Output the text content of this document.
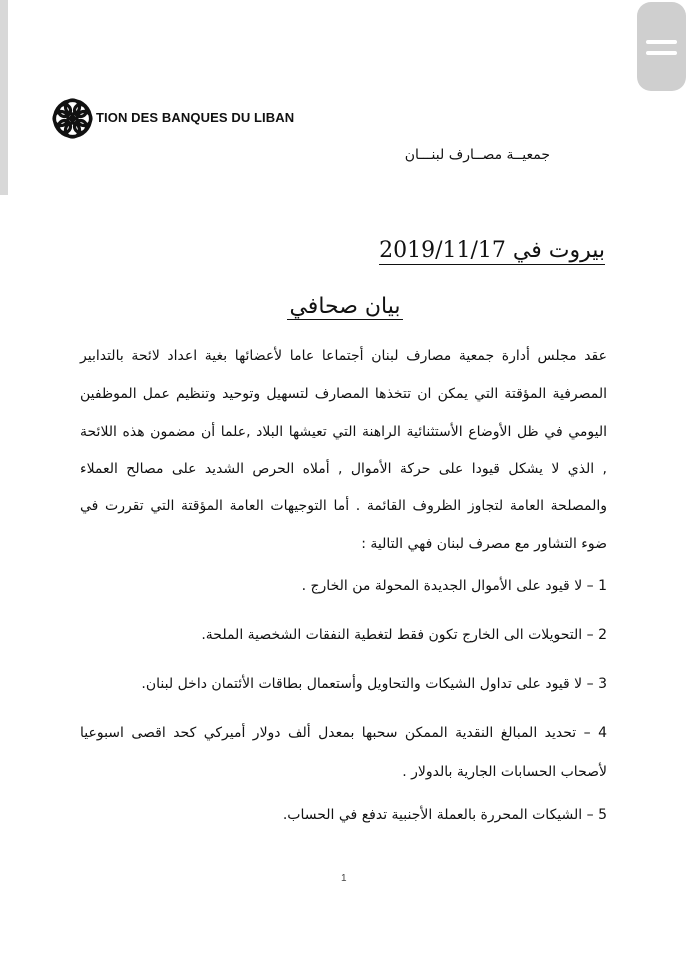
TION DES BANQUES DU LIBAN
جمعيــة مصــارف لبنـــان
بيروت في 2019/11/17
بيان صحافي
عقد مجلس أدارة جمعية مصارف لبنان أجتماعا عاما لأعضائها بغية اعداد لائحة بالتدابير
المصرفية المؤقتة التي يمكن ان تتخذها المصارف لتسهيل وتوحيد وتنظيم عمل الموظفين
اليومي في ظل الأوضاع الأستثنائية الراهنة التي تعيشها البلاد ,علما أن مضمون هذه اللائحة
, الذي لا يشكل قيودا على حركة الأموال , أملاه الحرص الشديد على مصالح العملاء
والمصلحة العامة لتجاوز الظروف القائمة . أما التوجيهات العامة المؤقتة التي تقررت في
ضوء التشاور مع مصرف لبنان فهي التالية :
1 – لا قيود على الأموال الجديدة المحولة من الخارج .
2 – التحويلات الى الخارج تكون فقط لتغطية النفقات الشخصية الملحة.
3 – لا قيود على تداول الشيكات والتحاويل وأستعمال بطاقات الأئتمان داخل لبنان.
4 – تحديد المبالغ النقدية الممكن سحبها بمعدل ألف دولار أميركي كحد اقصى اسبوعيا
لأصحاب الحسابات الجارية بالدولار .
5 – الشيكات المحررة بالعملة الأجنبية تدفع في الحساب.
1
